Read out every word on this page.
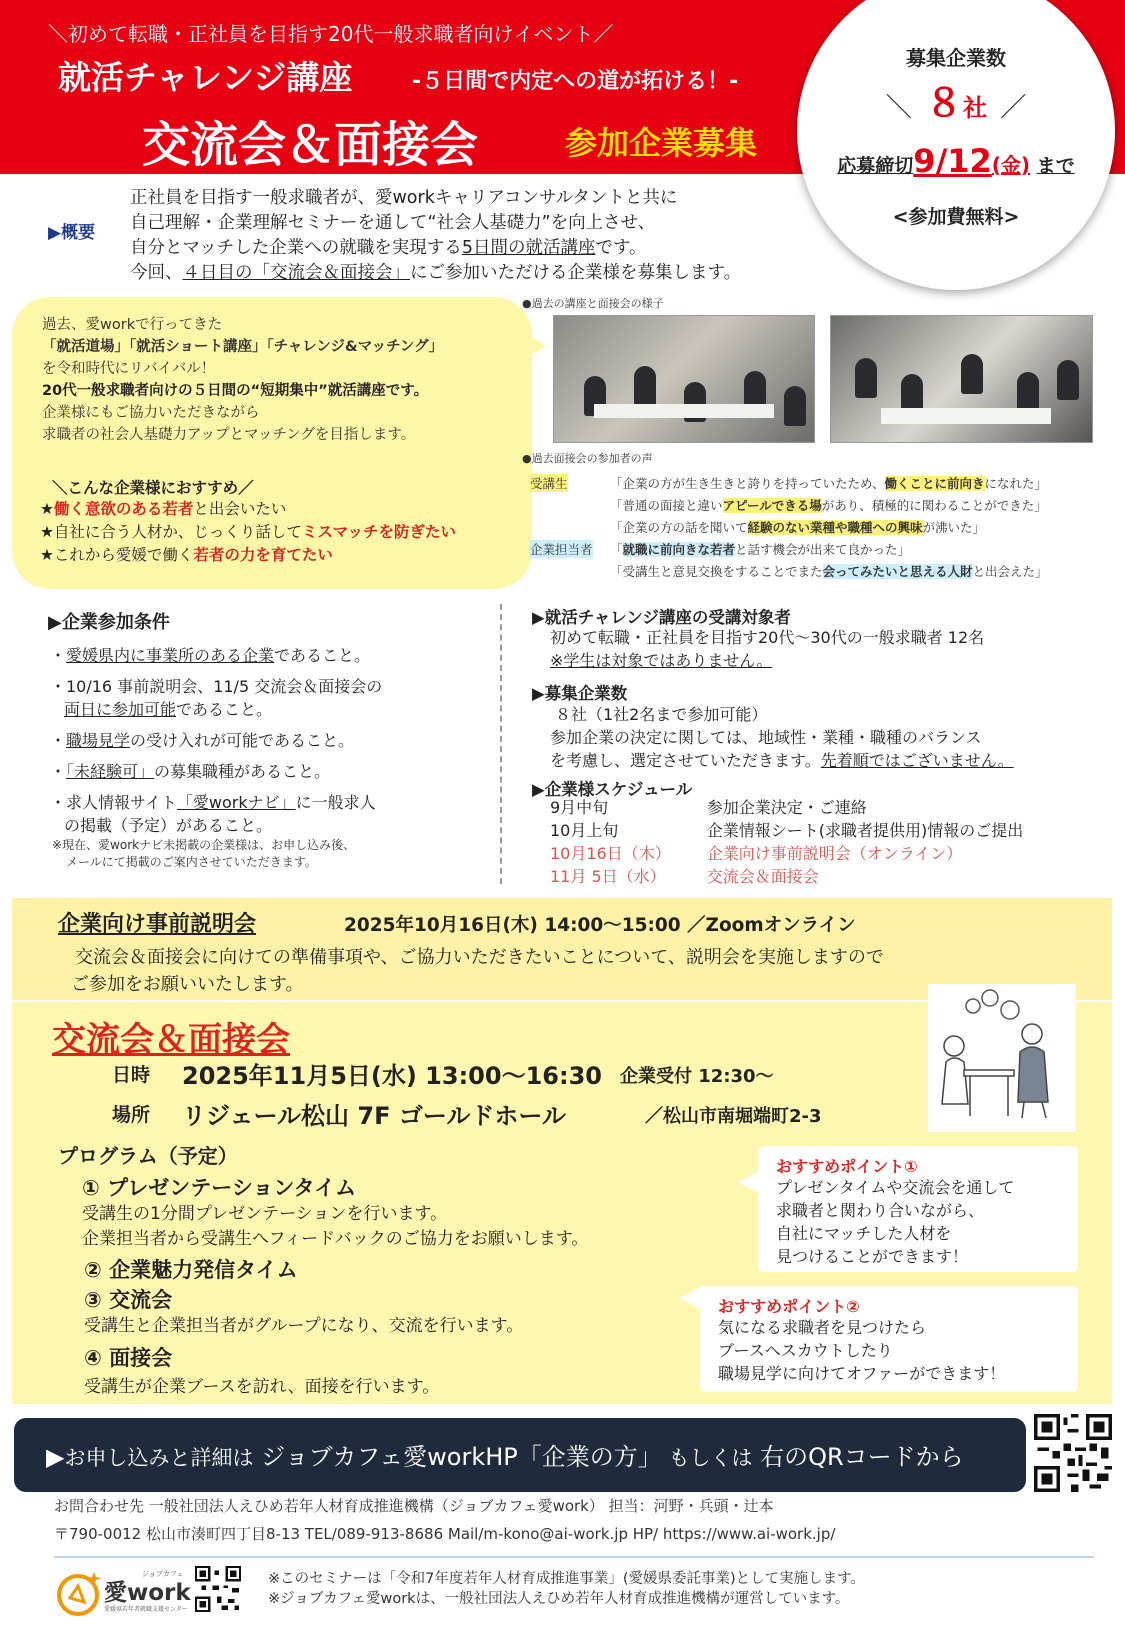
＼初めて転職・正社員を目指す20代一般求職者向けイベント／
就活チャレンジ講座	-５日間で内定への道が拓ける！-
交流会＆面接会	参加企業募集
募集企業数
＼ ８社 ／
応募締切9/12(金) まで
<参加費無料>
▶概要
正社員を目指す一般求職者が、愛workキャリアコンサルタントと共に
自己理解・企業理解セミナーを通して“社会人基礎力”を向上させ、
自分とマッチした企業への就職を実現する5日間の就活講座です。
今回、４日目の「交流会＆面接会」にご参加いただける企業様を募集します。
過去、愛workで行ってきた
「就活道場」「就活ショート講座」「チャレンジ&マッチング」
を令和時代にリバイバル！
20代一般求職者向けの５日間の“短期集中”就活講座です。
企業様にもご協力いただきながら
求職者の社会人基礎力アップとマッチングを目指します。
＼こんな企業様におすすめ／
★働く意欲のある若者と出会いたい
★自社に合う人材か、じっくり話してミスマッチを防ぎたい
★これから愛媛で働く若者の力を育てたい
●過去の講座と面接会の様子
●過去面接会の参加者の声
受講生	「企業の方が生き生きと誇りを持っていたため、働くことに前向きになれた」
「普通の面接と違いアピールできる場があり、積極的に関わることができた」
「企業の方の話を聞いて経験のない業種や職種への興味が沸いた」
企業担当者 「就職に前向きな若者と話す機会が出来て良かった」
「受講生と意見交換をすることでまた会ってみたいと思える人財と出会えた」
▶企業参加条件
・愛媛県内に事業所のある企業であること。
・10/16 事前説明会、11/5 交流会＆面接会の
両日に参加可能であること。
・職場見学の受け入れが可能であること。
・「未経験可」の募集職種があること。
・求人情報サイト「愛workナビ」に一般求人
の掲載（予定）があること。
※現在、愛workナビ未掲載の企業様は、お申し込み後、
メールにて掲載のご案内させていただきます。
▶就活チャレンジ講座の受講対象者
初めて転職・正社員を目指す20代〜30代の一般求職者 12名
※学生は対象ではありません。
▶募集企業数
８社（1社2名まで参加可能）
参加企業の決定に関しては、地域性・業種・職種のバランス
を考慮し、選定させていただきます。先着順ではございません。
▶企業様スケジュール
9月中旬	参加企業決定・ご連絡
10月上旬	企業情報シート(求職者提供用)情報のご提出
10月16日（木）	企業向け事前説明会（オンライン）
11月 5日（水）	交流会＆面接会
企業向け事前説明会	2025年10月16日(木) 14:00〜15:00 ／Zoomオンライン
交流会＆面接会に向けての準備事項や、ご協力いただきたいことについて、説明会を実施しますので
ご参加をお願いいたします。
交流会＆面接会
日時 2025年11月5日(水) 13:00〜16:30 企業受付 12:30〜
場所 リジェール松山 7F ゴールドホール	／松山市南堀端町2-3
プログラム（予定）
① プレゼンテーションタイム
受講生の1分間プレゼンテーションを行います。
企業担当者から受講生へフィードバックのご協力をお願いします。
② 企業魅力発信タイム
③ 交流会
受講生と企業担当者がグループになり、交流を行います。
④ 面接会
受講生が企業ブースを訪れ、面接を行います。
おすすめポイント①
プレゼンタイムや交流会を通して
求職者と関わり合いながら、
自社にマッチした人材を
見つけることができます！
おすすめポイント②
気になる求職者を見つけたら
ブースへスカウトしたり
職場見学に向けてオファーができます！
▶お申し込みと詳細は ジョブカフェ愛workHP「企業の方」 もしくは 右のQRコードから
お問合わせ先 一般社団法人えひめ若年人材育成推進機構（ジョブカフェ愛work） 担当：河野・兵頭・辻本
〒790-0012 松山市湊町四丁目8-13 TEL/089-913-8686 Mail/m-kono@ai-work.jp HP/ https://www.ai-work.jp/
愛work
ジョブカフェ
愛媛県若年者就職支援センター
※このセミナーは「令和7年度若年人材育成推進事業」(愛媛県委託事業)として実施します。
※ジョブカフェ愛workは、一般社団法人えひめ若年人材育成推進機構が運営しています。
